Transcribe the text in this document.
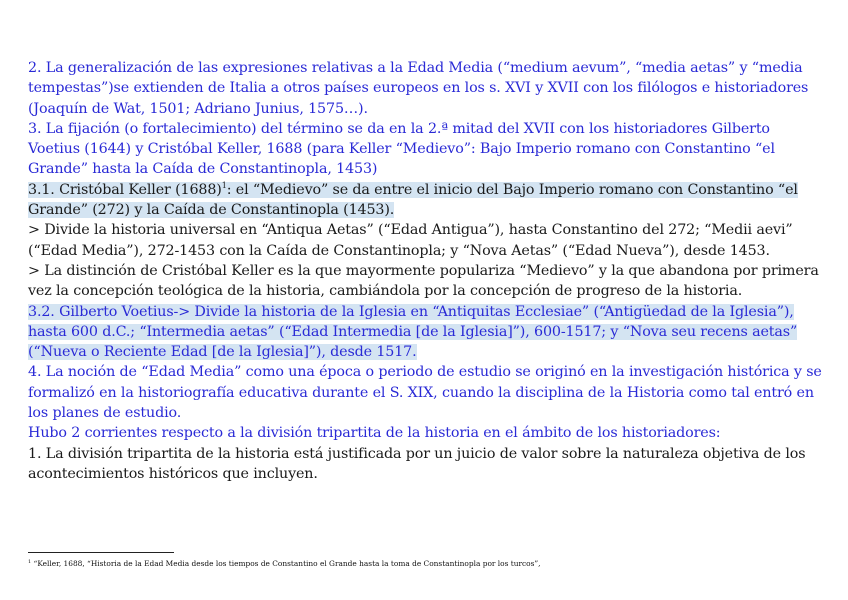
2. La generalización de las expresiones relativas a la Edad Media (“medium aevum”, “media aetas” y “media tempestas”)se extienden de Italia a otros países europeos en los s. XVI y XVII con los filólogos e historiadores (Joaquín de Wat, 1501; Adriano Junius, 1575…).

3. La fijación (o fortalecimiento) del término se da en la 2.ª mitad del XVII con los historiadores Gilberto Voetius (1644) y Cristóbal Keller, 1688 (para Keller “Medievo”: Bajo Imperio romano con Constantino “el Grande” hasta la Caída de Constantinopla, 1453)

3.1. Cristóbal Keller $(1688)^1$: el “Medievo” se da entre el inicio del Bajo Imperio romano con Constantino “el Grande” (272) y la Caída de Constantinopla (1453).

> Divide la historia universal en “Antiqua Aetas” (“Edad Antigua”), hasta Constantino del 272; “Medii aevi” (“Edad Media”), 272-1453 con la Caída de Constantinopla; y “Nova Aetas” (“Edad Nueva”), desde 1453.

> La distinción de Cristóbal Keller es la que mayormente populariza “Medievo” y la que abandona por primera vez la concepción teológica de la historia, cambiándola por la concepción de progreso de la historia.

3.2. Gilberto Voetius-> Divide la historia de la Iglesia en “Antiquitas Ecclesiae” (“Antigüedad de la Iglesia”), hasta 600 d.C.; “Intermedia aetas” (“Edad Intermedia [de la Iglesia]”), 600-1517; y “Nova seu recens aetas” (“Nueva o Reciente Edad [de la Iglesia]”), desde 1517.

4. La noción de “Edad Media” como una época o periodo de estudio se originó en la investigación histórica y se formalizó en la historiografía educativa durante el S. XIX, cuando la disciplina de la Historia como tal entró en los planes de estudio.

Hubo 2 corrientes respecto a la división tripartita de la historia en el ámbito de los historiadores:

1. La división tripartita de la historia está justificada por un juicio de valor sobre la naturaleza objetiva de los acontecimientos históricos que incluyen.

$^1$ “Keller, 1688, “Historia de la Edad Media desde los tiempos de Constantino el Grande hasta la toma de Constantinopla por los turcos”,
